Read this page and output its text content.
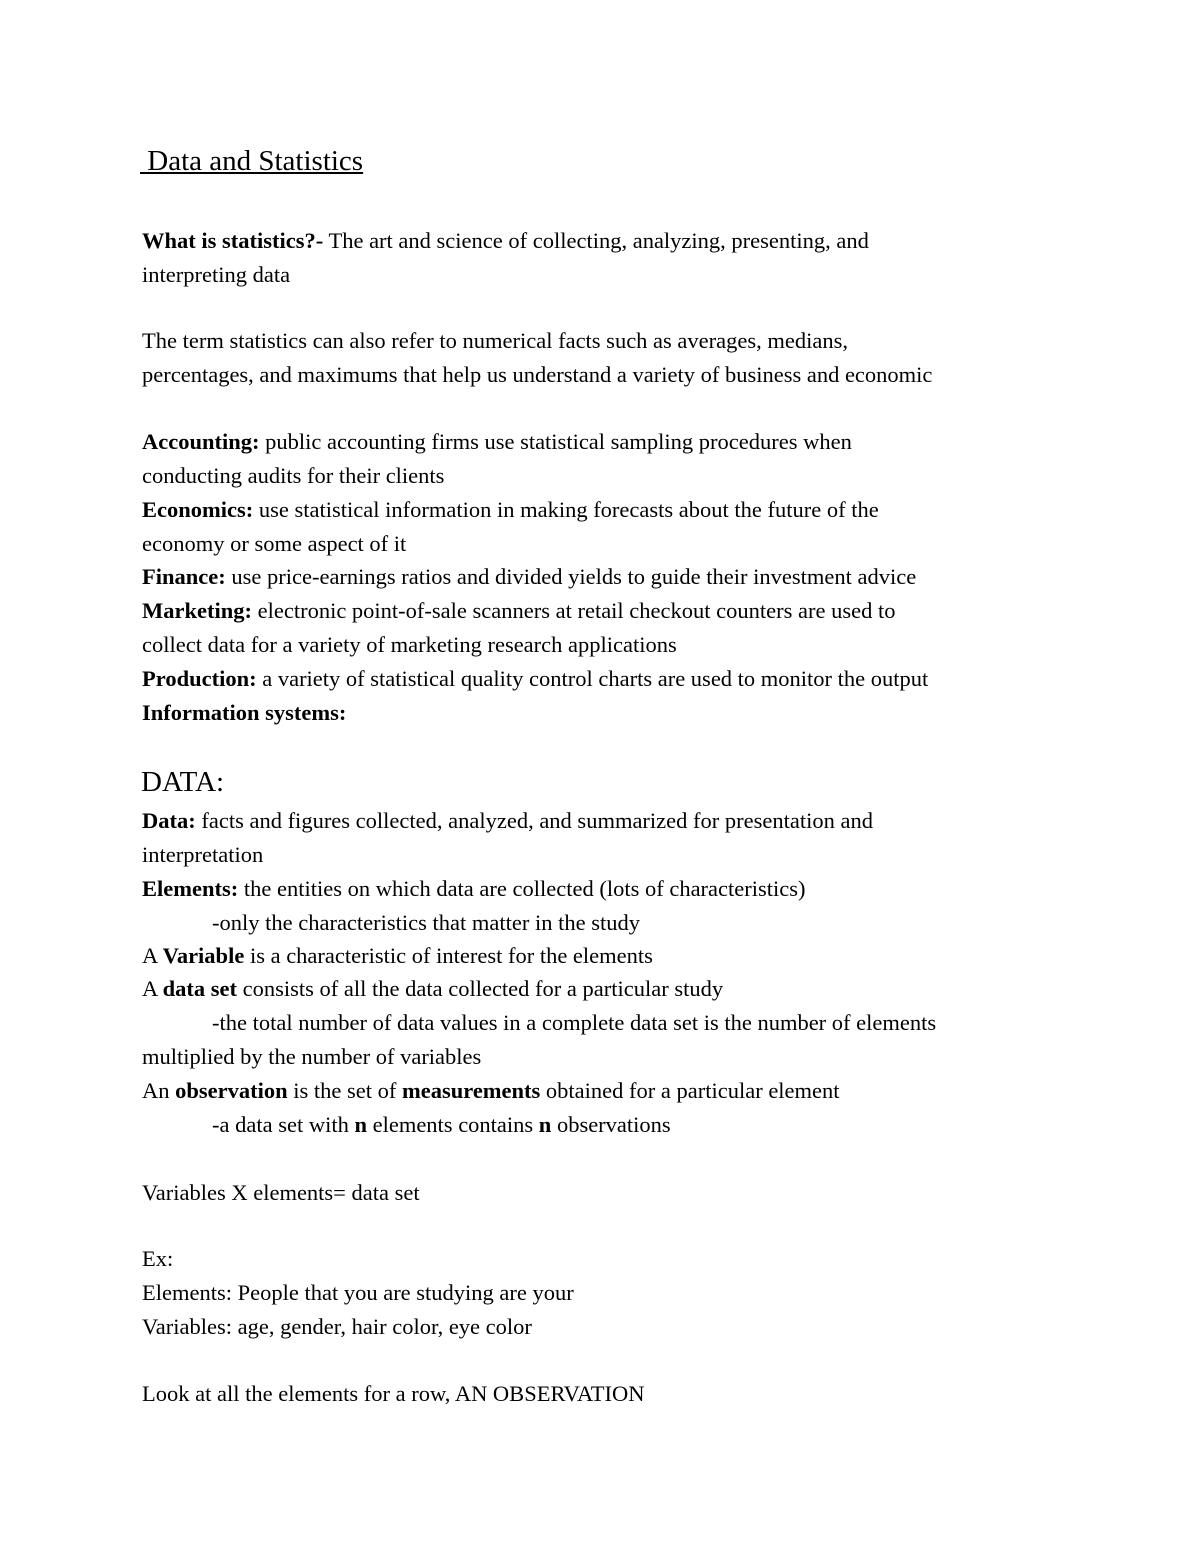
Data and Statistics
What is statistics?- The art and science of collecting, analyzing, presenting, and
interpreting data
The term statistics can also refer to numerical facts such as averages, medians,
percentages, and maximums that help us understand a variety of business and economic
Accounting: public accounting firms use statistical sampling procedures when
conducting audits for their clients
Economics: use statistical information in making forecasts about the future of the
economy or some aspect of it
Finance: use price-earnings ratios and divided yields to guide their investment advice
Marketing: electronic point-of-sale scanners at retail checkout counters are used to
collect data for a variety of marketing research applications
Production: a variety of statistical quality control charts are used to monitor the output
Information systems:
DATA:
Data: facts and figures collected, analyzed, and summarized for presentation and
interpretation
Elements: the entities on which data are collected (lots of characteristics)
-only the characteristics that matter in the study
A Variable is a characteristic of interest for the elements
A data set consists of all the data collected for a particular study
-the total number of data values in a complete data set is the number of elements
multiplied by the number of variables
An observation is the set of measurements obtained for a particular element
-a data set with n elements contains n observations
Variables X elements= data set
Ex:
Elements: People that you are studying are your
Variables: age, gender, hair color, eye color
Look at all the elements for a row, AN OBSERVATION
